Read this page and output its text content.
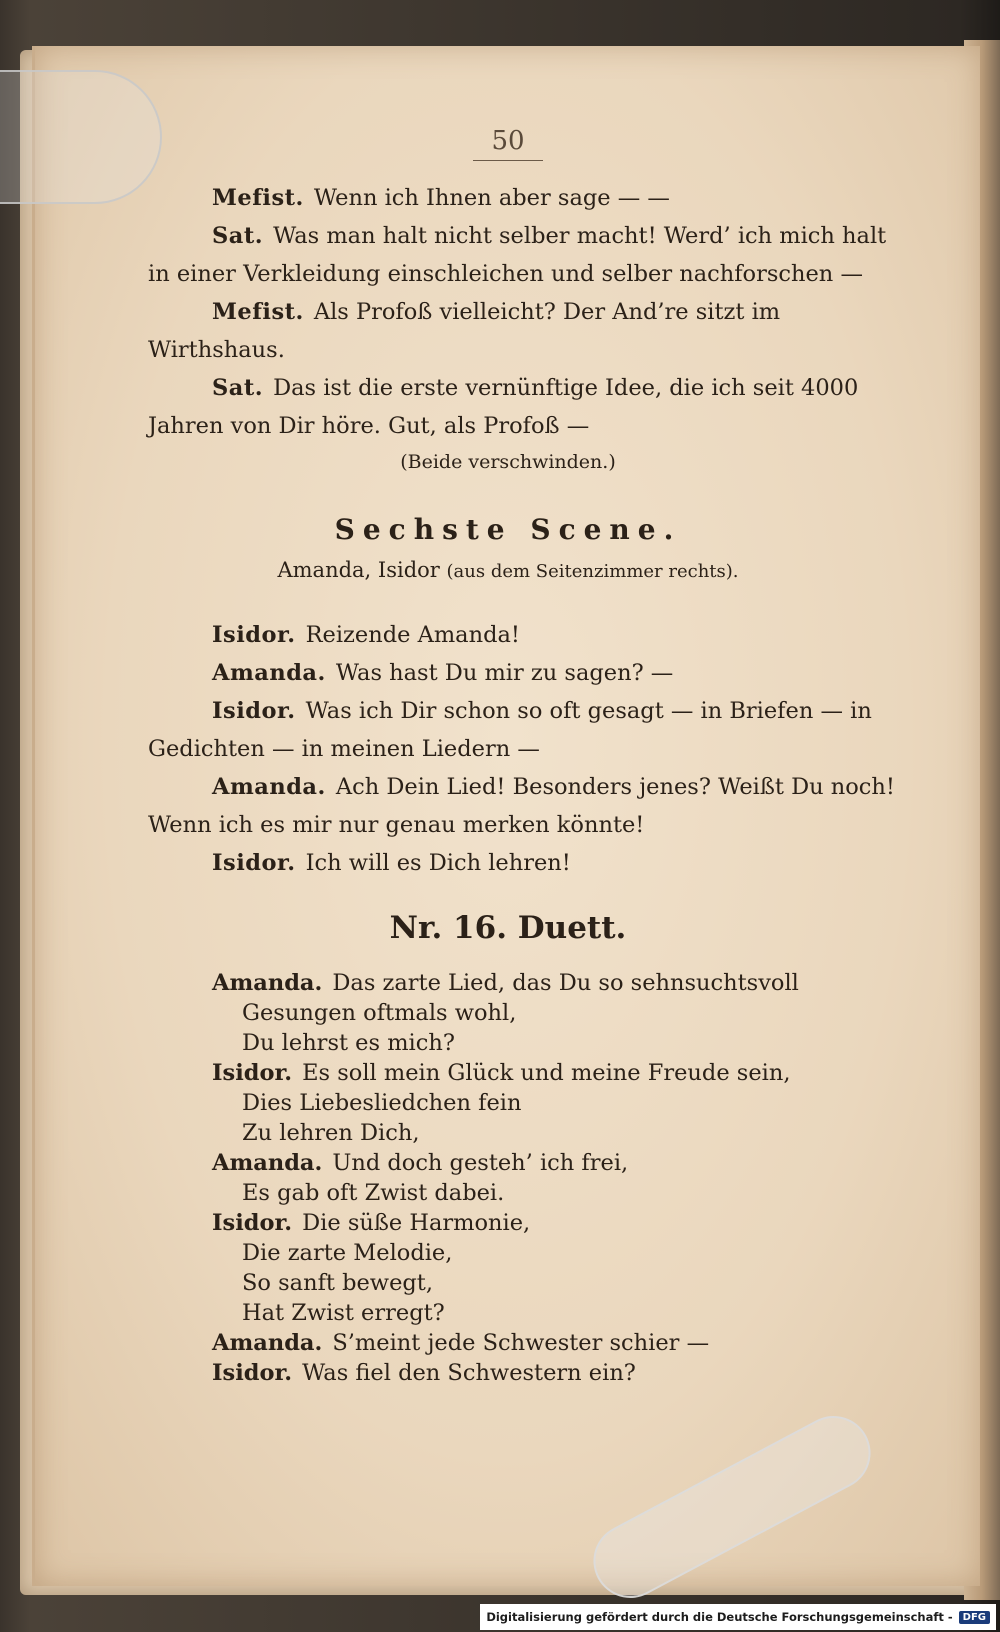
50

Mefist. Wenn ich Ihnen aber sage — —

Sat. Was man halt nicht selber macht! Werd’ ich mich halt in einer Verkleidung einschleichen und selber nachforschen —

Mefist. Als Profoß vielleicht? Der And’re sitzt im Wirthshaus.

Sat. Das ist die erste vernünftige Idee, die ich seit 4000 Jahren von Dir höre. Gut, als Profoß —

(Beide verschwinden.)

Sechste Scene.

Amanda, Isidor (aus dem Seitenzimmer rechts).

Isidor. Reizende Amanda!

Amanda. Was hast Du mir zu sagen? —

Isidor. Was ich Dir schon so oft gesagt — in Briefen — in Gedichten — in meinen Liedern —

Amanda. Ach Dein Lied! Besonders jenes? Weißt Du noch! Wenn ich es mir nur genau merken könnte!

Isidor. Ich will es Dich lehren!

Nr. 16. Duett.

Amanda. Das zarte Lied, das Du so sehnsuchtsvoll

Gesungen oftmals wohl,

Du lehrst es mich?

Isidor. Es soll mein Glück und meine Freude sein,

Dies Liebesliedchen fein

Zu lehren Dich,

Amanda. Und doch gesteh’ ich frei,

Es gab oft Zwist dabei.

Isidor. Die süße Harmonie,

Die zarte Melodie,

So sanft bewegt,

Hat Zwist erregt?

Amanda. S’meint jede Schwester schier —

Isidor. Was fiel den Schwestern ein?

Digitalisierung gefördert durch die Deutsche Forschungsgemeinschaft -	DFG
